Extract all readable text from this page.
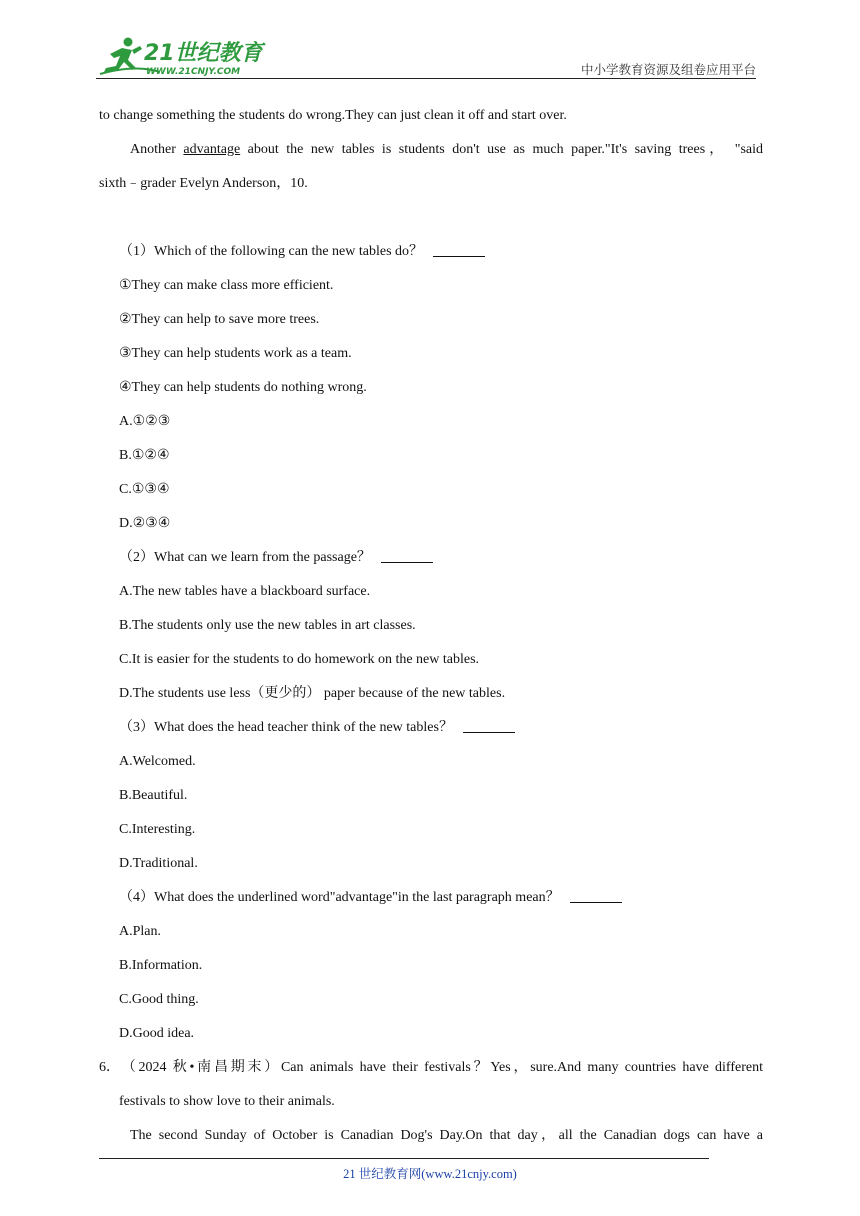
21世纪教育
WWW.21CNJY.COM	中小学教育资源及组卷应用平台
to change something the students do wrong.They can just clean it off and start over.
Another advantage about the new tables is students don't use as much paper."It's saving trees， "said
sixth﹣grader Evelyn Anderson，10.
（1）Which of the following can the new tables do？
①They can make class more efficient.
②They can help to save more trees.
③They can help students work as a team.
④They can help students do nothing wrong.
A.①②③
B.①②④
C.①③④
D.②③④
（2）What can we learn from the passage？
A.The new tables have a blackboard surface.
B.The students only use the new tables in art classes.
C.It is easier for the students to do homework on the new tables.
D.The students use less（更少的） paper because of the new tables.
（3）What does the head teacher think of the new tables？
A.Welcomed.
B.Beautiful.
C.Interesting.
D.Traditional.
（4）What does the underlined word"advantage"in the last paragraph mean？
A.Plan.
B.Information.
C.Good thing.
D.Good idea.
6．（2024 秋•南昌期末）Can animals have their festivals？Yes，sure.And many countries have different
festivals to show love to their animals.
The second Sunday of October is Canadian Dog's Day.On that day，all the Canadian dogs can have a
21 世纪教育网(www.21cnjy.com)
